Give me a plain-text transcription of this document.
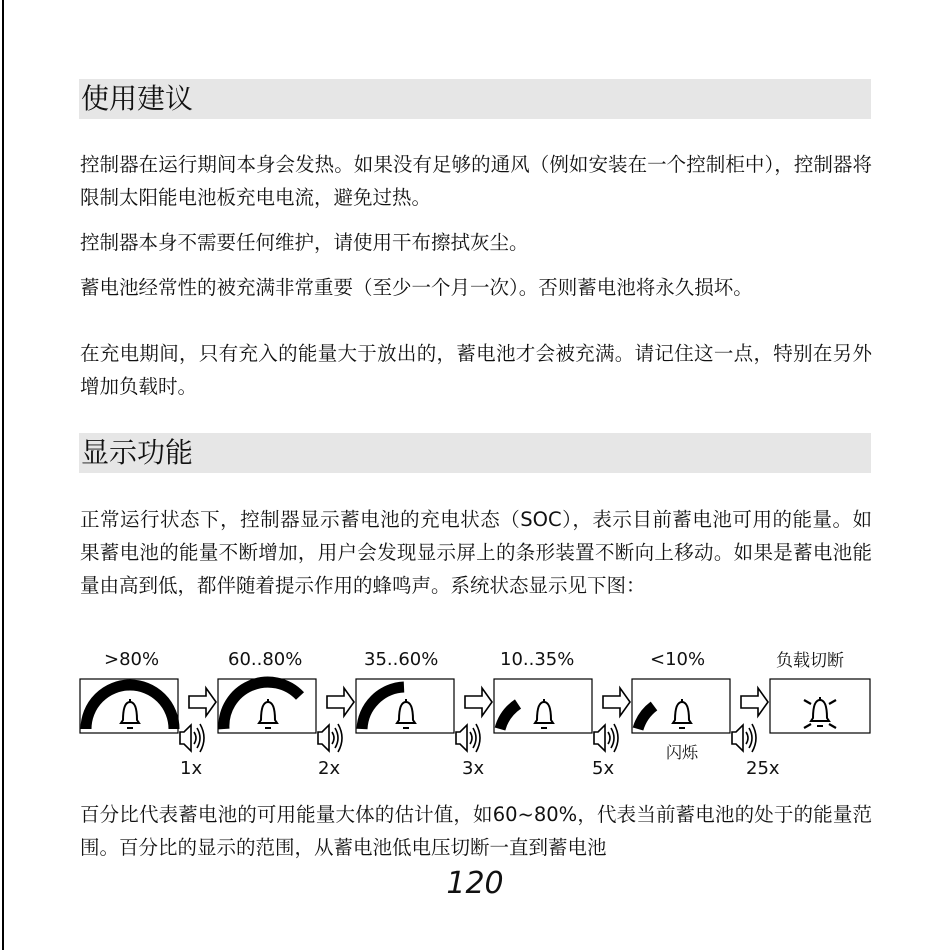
使用建议

控制器在运行期间本身会发热。如果没有足够的通风（例如安装在一个控制柜中），控制器将限制太阳能电池板充电电流，避免过热。

控制器本身不需要任何维护，请使用干布擦拭灰尘。

蓄电池经常性的被充满非常重要（至少一个月一次）。否则蓄电池将永久损坏。

在充电期间，只有充入的能量大于放出的，蓄电池才会被充满。请记住这一点，特别在另外增加负载时。

显示功能

正常运行状态下，控制器显示蓄电池的充电状态（SOC），表示目前蓄电池可用的能量。如果蓄电池的能量不断增加，用户会发现显示屏上的条形装置不断向上移动。如果是蓄电池能量由高到低，都伴随着提示作用的蜂鸣声。系统状态显示见下图：

>80%	60..80%	35..60%	10..35%	<10%	负载切断
闪烁
1x	2x	3x	5x	25x

百分比代表蓄电池的可用能量大体的估计值，如60~80%，代表当前蓄电池的处于的能量范围。百分比的显示的范围，从蓄电池低电压切断一直到蓄电池

120
